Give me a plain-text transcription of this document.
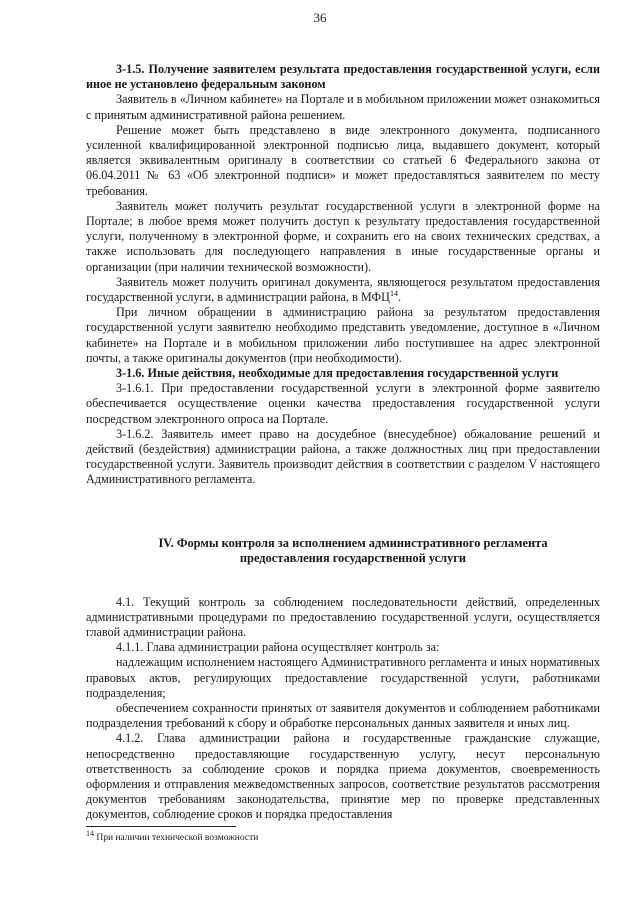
36

3-1.5. Получение заявителем результата предоставления государственной услуги, если иное не установлено федеральным законом

Заявитель в «Личном кабинете» на Портале и в мобильном приложении может ознакомиться с принятым административной района решением.

Решение может быть представлено в виде электронного документа, подписанного усиленной квалифицированной электронной подписью лица, выдавшего документ, который является эквивалентным оригиналу в соответствии со статьей 6 Федерального закона от 06.04.2011 № 63 «Об электронной подписи» и может предоставляться заявителем по месту требования.

Заявитель может получить результат государственной услуги в электронной форме на Портале; в любое время может получить доступ к результату предоставления государственной услуги, полученному в электронной форме, и сохранить его на своих технических средствах, а также использовать для последующего направления в иные государственные органы и организации (при наличии технической возможности).

Заявитель может получить оригинал документа, являющегося результатом предоставления государственной услуги, в администрации района, в МФЦ$^{14}$.

При личном обращении в администрацию района за результатом предоставления государственной услуги заявителю необходимо представить уведомление, доступное в «Личном кабинете» на Портале и в мобильном приложении либо поступившее на адрес электронной почты, а также оригиналы документов (при необходимости).

3-1.6. Иные действия, необходимые для предоставления государственной услуги

3-1.6.1. При предоставлении государственной услуги в электронной форме заявителю обеспечивается осуществление оценки качества предоставления государственной услуги посредством электронного опроса на Портале.

3-1.6.2. Заявитель имеет право на досудебное (внесудебное) обжалование решений и действий (бездействия) администрации района, а также должностных лиц при предоставлении государственной услуги. Заявитель производит действия в соответствии с разделом V настоящего Административного регламента.

IV. Формы контроля за исполнением административного регламента предоставления государственной услуги

4.1. Текущий контроль за соблюдением последовательности действий, определенных административными процедурами по предоставлению государственной услуги, осуществляется главой администрации района.

4.1.1. Глава администрации района осуществляет контроль за:

надлежащим исполнением настоящего Административного регламента и иных нормативных правовых актов, регулирующих предоставление государственной услуги, работниками подразделения;

обеспечением сохранности принятых от заявителя документов и соблюдением работниками подразделения требований к сбору и обработке персональных данных заявителя и иных лиц.

4.1.2. Глава администрации района и государственные гражданские служащие, непосредственно предоставляющие государственную услугу, несут персональную ответственность за соблюдение сроков и порядка приема документов, своевременность оформления и отправления межведомственных запросов, соответствие результатов рассмотрения документов требованиям законодательства, принятие мер по проверке представленных документов, соблюдение сроков и порядка предоставления

$^{14}$ При наличии технической возможности
